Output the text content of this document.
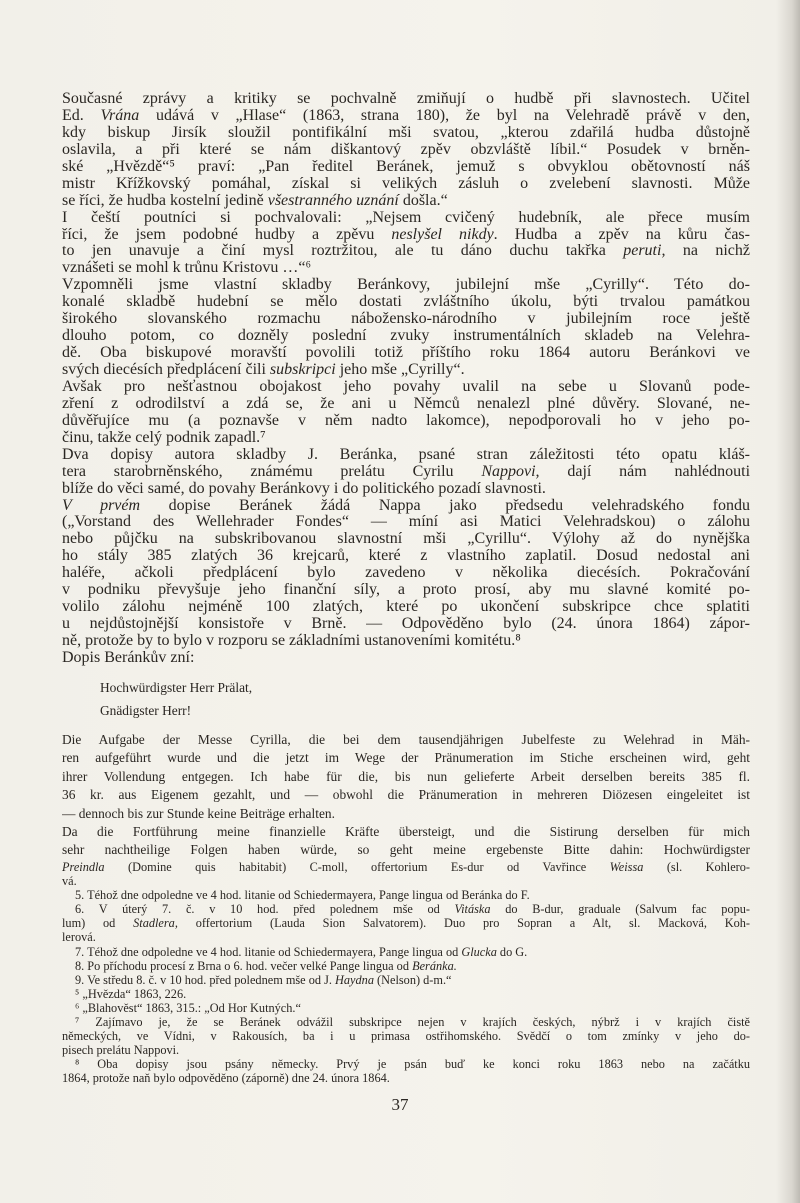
Současné zprávy a kritiky se pochvalně zmiňují o hudbě při slavnostech. Učitel
Ed. Vrána udává v „Hlase“ (1863, strana 180), že byl na Velehradě právě v den,
kdy biskup Jirsík sloužil pontifikální mši svatou, „kterou zdařilá hudba důstojně
oslavila, a při které se nám diškantový zpěv obzvláště líbil.“ Posudek v brněn-
ské „Hvězdě“⁵ praví: „Pan ředitel Beránek, jemuž s obvyklou obětovností náš
mistr Křížkovský pomáhal, získal si velikých zásluh o zvelebení slavnosti. Může
se říci, že hudba kostelní jedině všestranného uznání došla.“
I čeští poutníci si pochvalovali: „Nejsem cvičený hudebník, ale přece musím
říci, že jsem podobné hudby a zpěvu neslyšel nikdy. Hudba a zpěv na kůru čas-
to jen unavuje a činí mysl roztržitou, ale tu dáno duchu takřka peruti, na nichž
vznášeti se mohl k trůnu Kristovu …“⁶
Vzpomněli jsme vlastní skladby Beránkovy, jubilejní mše „Cyrilly“. Této do-
konalé skladbě hudební se mělo dostati zvláštního úkolu, býti trvalou památkou
širokého slovanského rozmachu nábožensko-národního v jubilejním roce ještě
dlouho potom, co dozněly poslední zvuky instrumentálních skladeb na Velehra-
dě. Oba biskupové moravští povolili totiž příštího roku 1864 autoru Beránkovi ve
svých diecésích předplácení čili subskripci jeho mše „Cyrilly“.
Avšak pro nešťastnou obojakost jeho povahy uvalil na sebe u Slovanů pode-
zření z odrodilství a zdá se, že ani u Němců nenalezl plné důvěry. Slované, ne-
důvěřujíce mu (a poznavše v něm nadto lakomce), nepodporovali ho v jeho po-
činu, takže celý podnik zapadl.⁷
Dva dopisy autora skladby J. Beránka, psané stran záležitosti této opatu kláš-
tera starobrněnského, známému prelátu Cyrilu Nappovi, dají nám nahlédnouti
blíže do věci samé, do povahy Beránkovy i do politického pozadí slavnosti.
V prvém dopise Beránek žádá Nappa jako předsedu velehradského fondu
(„Vorstand des Wellehrader Fondes“ — míní asi Matici Velehradskou) o zálohu
nebo půjčku na subskribovanou slavnostní mši „Cyrillu“. Výlohy až do nynějška
ho stály 385 zlatých 36 krejcarů, které z vlastního zaplatil. Dosud nedostal ani
haléře, ačkoli předplácení bylo zavedeno v několika diecésích. Pokračování
v podniku převyšuje jeho finanční síly, a proto prosí, aby mu slavné komité po-
volilo zálohu nejméně 100 zlatých, které po ukončení subskripce chce splatiti
u nejdůstojnější konsistoře v Brně. — Odpověděno bylo (24. února 1864) zápor-
ně, protože by to bylo v rozporu se základními ustanoveními komitétu.⁸
Dopis Beránkův zní:
Hochwürdigster Herr Prälat,
Gnädigster Herr!
Die Aufgabe der Messe Cyrilla, die bei dem tausendjährigen Jubelfeste zu Welehrad in Mäh-
ren aufgeführt wurde und die jetzt im Wege der Pränumeration im Stiche erscheinen wird, geht
ihrer Vollendung entgegen. Ich habe für die, bis nun gelieferte Arbeit derselben bereits 385 fl.
36 kr. aus Eigenem gezahlt, und — obwohl die Pränumeration in mehreren Diözesen eingeleitet ist
— dennoch bis zur Stunde keine Beiträge erhalten.
Da die Fortführung meine finanzielle Kräfte übersteigt, und die Sistirung derselben für mich
sehr nachtheilige Folgen haben würde, so geht meine ergebenste Bitte dahin: Hochwürdigster
Preindla (Domine quis habitabit) C-moll, offertorium Es-dur od Vavřince Weissa (sl. Kohlero-
vá.
5. Téhož dne odpoledne ve 4 hod. litanie od Schiedermayera, Pange lingua od Beránka do F.
6. V úterý 7. č. v 10 hod. před polednem mše od Vitáska do B-dur, graduale (Salvum fac popu-
lum) od Stadlera, offertorium (Lauda Sion Salvatorem). Duo pro Sopran a Alt, sl. Macková, Koh-
lerová.
7. Téhož dne odpoledne ve 4 hod. litanie od Schiedermayera, Pange lingua od Glucka do G.
8. Po příchodu procesí z Brna o 6. hod. večer velké Pange lingua od Beránka.
9. Ve středu 8. č. v 10 hod. před polednem mše od J. Haydna (Nelson) d-m.“
⁵ „Hvězda“ 1863, 226.
⁶ „Blahověst“ 1863, 315.: „Od Hor Kutných.“
⁷ Zajímavo je, že se Beránek odvážil subskripce nejen v krajích českých, nýbrž i v krajích čistě
německých, ve Vídni, v Rakousích, ba i u primasa ostřihomského. Svědčí o tom zmínky v jeho do-
pisech prelátu Nappovi.
⁸ Oba dopisy jsou psány německy. Prvý je psán buď ke konci roku 1863 nebo na začátku
1864, protože naň bylo odpověděno (záporně) dne 24. února 1864.
37
